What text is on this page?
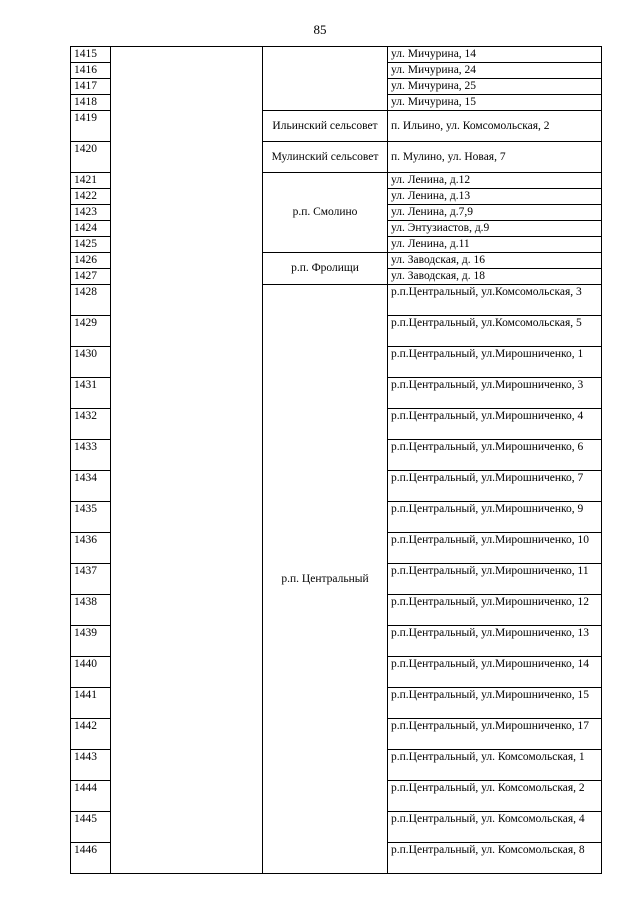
85
1415			ул. Мичурина, 14
1416			ул. Мичурина, 24
1417			ул. Мичурина, 25
1418			ул. Мичурина, 15
1419		Ильинский сельсовет	п. Ильино, ул. Комсомольская, 2
1420		Мулинский сельсовет	п. Мулино, ул. Новая, 7
1421		р.п. Смолино	ул. Ленина, д.12
1422			ул. Ленина, д.13
1423			ул. Ленина, д.7,9
1424			ул. Энтузиастов, д.9
1425			ул. Ленина, д.11
1426		р.п. Фролищи	ул. Заводская, д. 16
1427			ул. Заводская, д. 18
1428		р.п. Центральный	р.п.Центральный, ул.Комсомольская, 3
1429			р.п.Центральный, ул.Комсомольская, 5
1430			р.п.Центральный, ул.Мирошниченко, 1
1431			р.п.Центральный, ул.Мирошниченко, 3
1432			р.п.Центральный, ул.Мирошниченко, 4
1433			р.п.Центральный, ул.Мирошниченко, 6
1434			р.п.Центральный, ул.Мирошниченко, 7
1435			р.п.Центральный, ул.Мирошниченко, 9
1436			р.п.Центральный, ул.Мирошниченко, 10
1437			р.п.Центральный, ул.Мирошниченко, 11
1438			р.п.Центральный, ул.Мирошниченко, 12
1439			р.п.Центральный, ул.Мирошниченко, 13
1440			р.п.Центральный, ул.Мирошниченко, 14
1441			р.п.Центральный, ул.Мирошниченко, 15
1442			р.п.Центральный, ул.Мирошниченко, 17
1443			р.п.Центральный, ул. Комсомольская, 1
1444			р.п.Центральный, ул. Комсомольская, 2
1445			р.п.Центральный, ул. Комсомольская, 4
1446			р.п.Центральный, ул. Комсомольская, 8
